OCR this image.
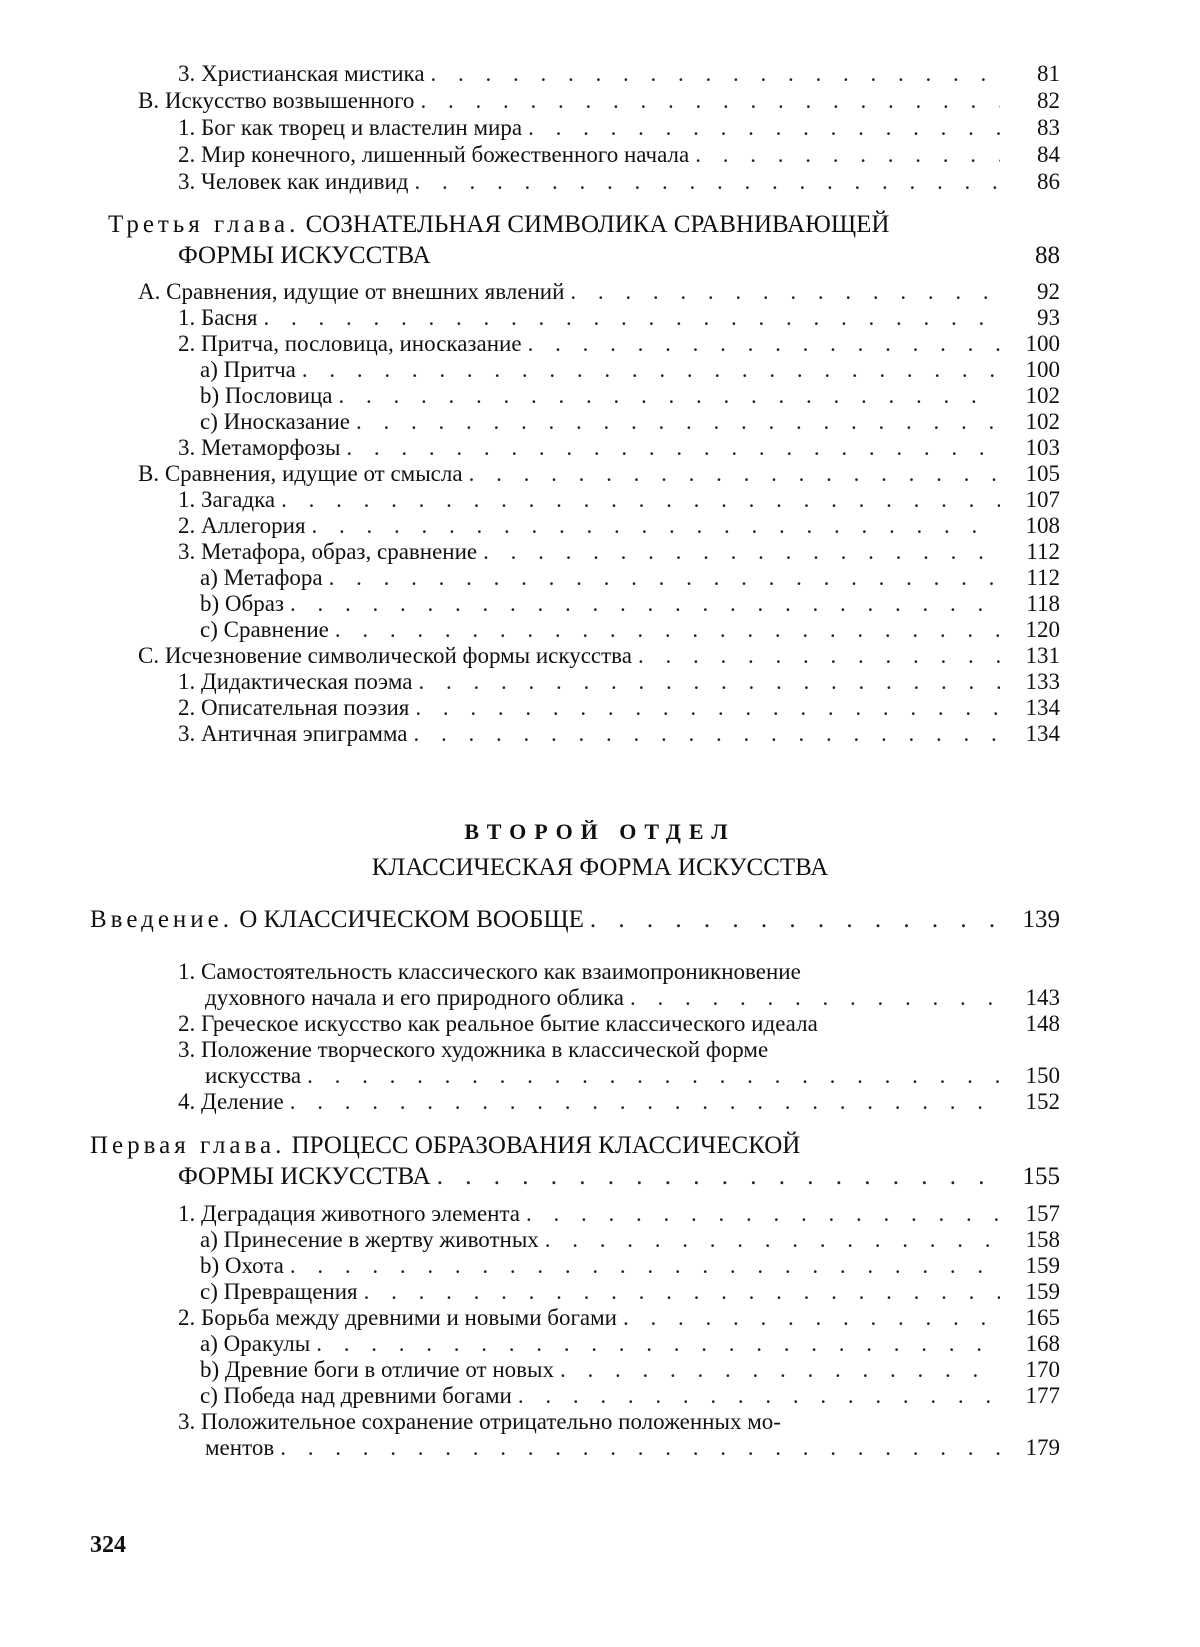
3. Христианская мистика . . .	81
B. Искусство возвышенного . . .	82
1. Бог как творец и властелин мира . . .	83
2. Мир конечного, лишенный божественного начала . . .	84
3. Человек как индивид . . .	86
Третья глава. СОЗНАТЕЛЬНАЯ СИМВОЛИКА СРАВНИВАЮЩЕЙ
ФОРМЫ ИСКУССТВА	88
A. Сравнения, идущие от внешних явлений . . .	92
1. Басня . . .	93
2. Притча, пословица, иносказание . . .	100
a) Притча . . .	100
b) Пословица . . .	102
c) Иносказание . . .	102
3. Метаморфозы . . .	103
B. Сравнения, идущие от смысла . . .	105
1. Загадка . . .	107
2. Аллегория . . .	108
3. Метафора, образ, сравнение . . .	112
a) Метафора . . .	112
b) Образ . . .	118
c) Сравнение . . .	120
C. Исчезновение символической формы искусства . . .	131
1. Дидактическая поэма . . .	133
2. Описательная поэзия . . .	134
3. Античная эпиграмма . . .	134
ВТОРОЙ ОТДЕЛ
КЛАССИЧЕСКАЯ ФОРМА ИСКУССТВА
Введение. О КЛАССИЧЕСКОМ ВООБЩЕ . . .	139
1. Самостоятельность классического как взаимопроникновение
духовного начала и его природного облика . . .	143
2. Греческое искусство как реальное бытие классического идеала	148
3. Положение творческого художника в классической форме
искусства . . .	150
4. Деление . . .	152
Первая глава. ПРОЦЕСС ОБРАЗОВАНИЯ КЛАССИЧЕСКОЙ
ФОРМЫ ИСКУССТВА . . .	155
1. Деградация животного элемента . . .	157
a) Принесение в жертву животных . . .	158
b) Охота . . .	159
c) Превращения . . .	159
2. Борьба между древними и новыми богами . . .	165
a) Оракулы . . .	168
b) Древние боги в отличие от новых . . .	170
c) Победа над древними богами . . .	177
3. Положительное сохранение отрицательно положенных мо-
ментов . . .	179
324
